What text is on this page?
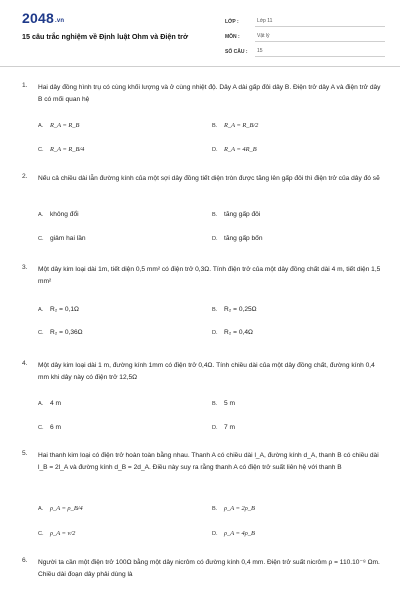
2048.vn
15 câu trắc nghiệm về Định luật Ohm và Điện trở
LỚP :	Lớp 11
MÔN :	Vật lý
SỐ CÂU :	15
1. Hai dây đồng hình trụ có cùng khối lượng và ở cùng nhiệt độ. Dây A dài gấp đôi dây B. Điện trở dây A và điện trở dây B có mối quan hệ
A. R_A = R_B	B. R_A = R_B/2
C. R_A = R_B/4	D. R_A = 4R_B
2. Nếu cả chiều dài lẫn đường kính của một sợi dây đồng tiết diện tròn được tăng lên gấp đôi thì điện trở của dây đó sẽ
A. không đổi	B. tăng gấp đôi
C. giảm hai lần	D. tăng gấp bốn
3. Một dây kim loại dài 1m, tiết diện 0,5 mm² có điện trở 0,3Ω. Tính điện trở của một dây đồng chất dài 4 m, tiết diện 1,5 mm²
A. R₂ = 0,1Ω	B. R₂ = 0,25Ω
C. R₂ = 0,36Ω	D. R₂ = 0,4Ω
4. Một dây kim loại dài 1 m, đường kính 1mm có điện trở 0,4Ω. Tính chiều dài của một dây đồng chất, đường kính 0,4 mm khi dây này có điện trở 12,5Ω
A. 4 m	B. 5 m
C. 6 m	D. 7 m
5. Hai thanh kim loại có điện trở hoàn toàn bằng nhau. Thanh A có chiều dài l_A, đường kính d_A, thanh B có chiều dài l_B = 2l_A và đường kính d_B = 2d_A. Điều này suy ra rằng thanh A có điện trở suất liên hệ với thanh B
A. ρ_A = ρ_B/4	B. ρ_A = 2ρ_B
C. ρ_A = ν/2	D. ρ_A = 4ρ_B
6. Người ta cần một điện trở 100Ω bằng một dây nicrôm có đường kính 0,4 mm. Điện trở suất nicrôm ρ = 110.10⁻⁸ Ωm. Chiều dài đoạn dây phải dùng là
